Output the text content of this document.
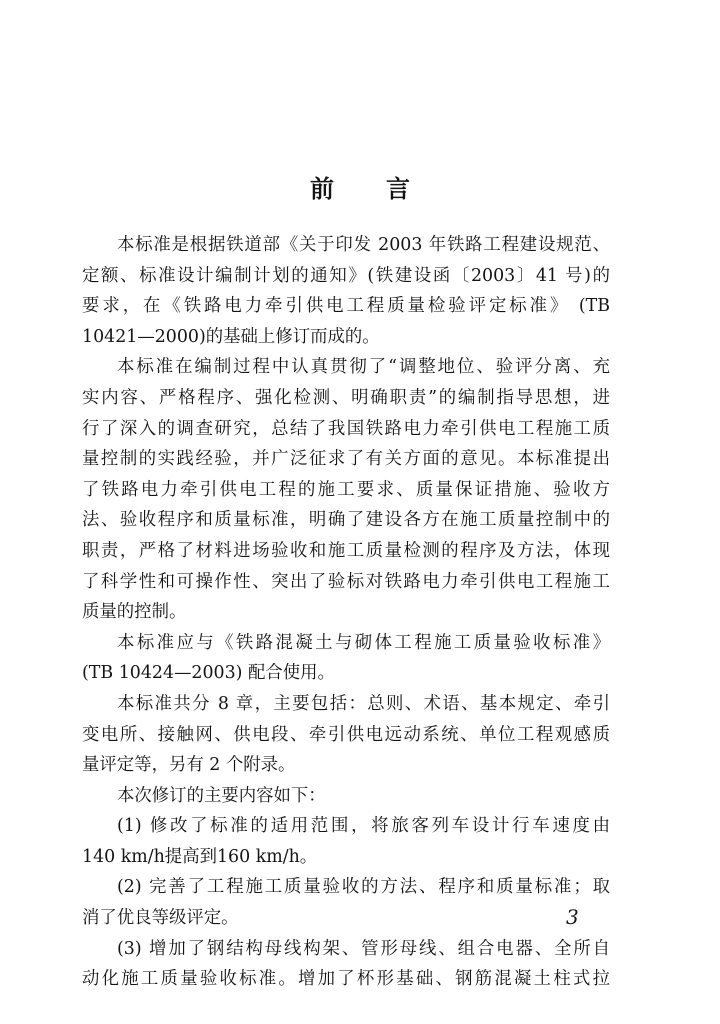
前 言
本标准是根据铁道部《关于印发 2003 年铁路工程建设规范、
定额、标准设计编制计划的通知》(铁建设函〔2003〕41 号)的
要求，在《铁路电力牵引供电工程质量检验评定标准》 (TB
10421—2000)的基础上修订而成的。
本标准在编制过程中认真贯彻了“调整地位、验评分离、充
实内容、严格程序、强化检测、明确职责”的编制指导思想，进
行了深入的调查研究，总结了我国铁路电力牵引供电工程施工质
量控制的实践经验，并广泛征求了有关方面的意见。本标准提出
了铁路电力牵引供电工程的施工要求、质量保证措施、验收方
法、验收程序和质量标准，明确了建设各方在施工质量控制中的
职责，严格了材料进场验收和施工质量检测的程序及方法，体现
了科学性和可操作性、突出了验标对铁路电力牵引供电工程施工
质量的控制。
本标准应与《铁路混凝土与砌体工程施工质量验收标准》
(TB 10424—2003) 配合使用。
本标准共分 8 章，主要包括：总则、术语、基本规定、牵引
变电所、接触网、供电段、牵引供电远动系统、单位工程观感质
量评定等，另有 2 个附录。
本次修订的主要内容如下：
(1) 修改了标准的适用范围，将旅客列车设计行车速度由
140 km/h提高到160 km/h。
(2) 完善了工程施工质量验收的方法、程序和质量标准；取
消了优良等级评定。
(3) 增加了钢结构母线构架、管形母线、组合电器、全所自
动化施工质量验收标准。增加了杯形基础、钢筋混凝土柱式拉
3
